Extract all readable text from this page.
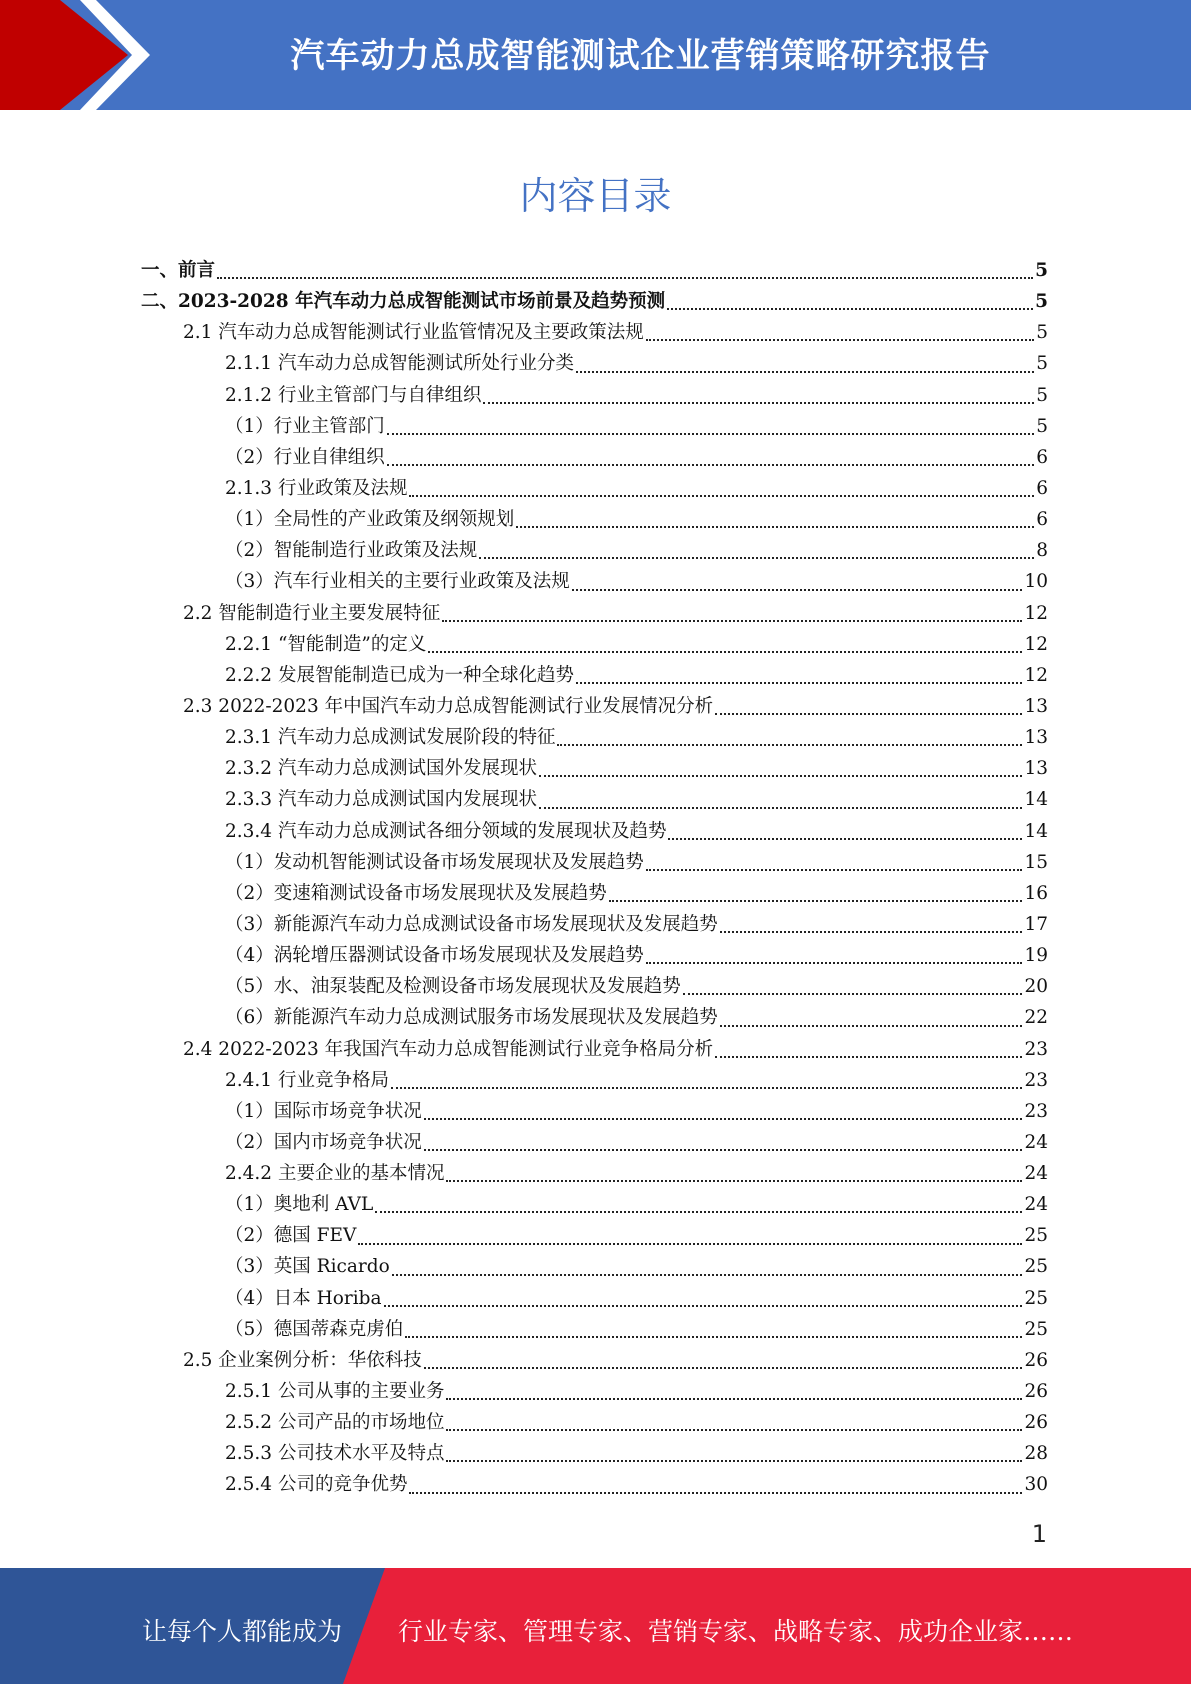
汽车动力总成智能测试企业营销策略研究报告
内容目录
一、前言	5
二、2023-2028 年汽车动力总成智能测试市场前景及趋势预测	5
2.1 汽车动力总成智能测试行业监管情况及主要政策法规	5
2.1.1 汽车动力总成智能测试所处行业分类	5
2.1.2 行业主管部门与自律组织	5
（1）行业主管部门	5
（2）行业自律组织	6
2.1.3 行业政策及法规	6
（1）全局性的产业政策及纲领规划	6
（2）智能制造行业政策及法规	8
（3）汽车行业相关的主要行业政策及法规	10
2.2 智能制造行业主要发展特征	12
2.2.1 “智能制造”的定义	12
2.2.2 发展智能制造已成为一种全球化趋势	12
2.3 2022-2023 年中国汽车动力总成智能测试行业发展情况分析	13
2.3.1 汽车动力总成测试发展阶段的特征	13
2.3.2 汽车动力总成测试国外发展现状	13
2.3.3 汽车动力总成测试国内发展现状	14
2.3.4 汽车动力总成测试各细分领域的发展现状及趋势	14
（1）发动机智能测试设备市场发展现状及发展趋势	15
（2）变速箱测试设备市场发展现状及发展趋势	16
（3）新能源汽车动力总成测试设备市场发展现状及发展趋势	17
（4）涡轮增压器测试设备市场发展现状及发展趋势	19
（5）水、油泵装配及检测设备市场发展现状及发展趋势	20
（6）新能源汽车动力总成测试服务市场发展现状及发展趋势	22
2.4 2022-2023 年我国汽车动力总成智能测试行业竞争格局分析	23
2.4.1 行业竞争格局	23
（1）国际市场竞争状况	23
（2）国内市场竞争状况	24
2.4.2 主要企业的基本情况	24
（1）奥地利 AVL	24
（2）德国 FEV	25
（3）英国 Ricardo	25
（4）日本 Horiba	25
（5）德国蒂森克虏伯	25
2.5 企业案例分析：华依科技	26
2.5.1 公司从事的主要业务	26
2.5.2 公司产品的市场地位	26
2.5.3 公司技术水平及特点	28
2.5.4 公司的竞争优势	30
1
让每个人都能成为 行业专家、管理专家、营销专家、战略专家、成功企业家……
